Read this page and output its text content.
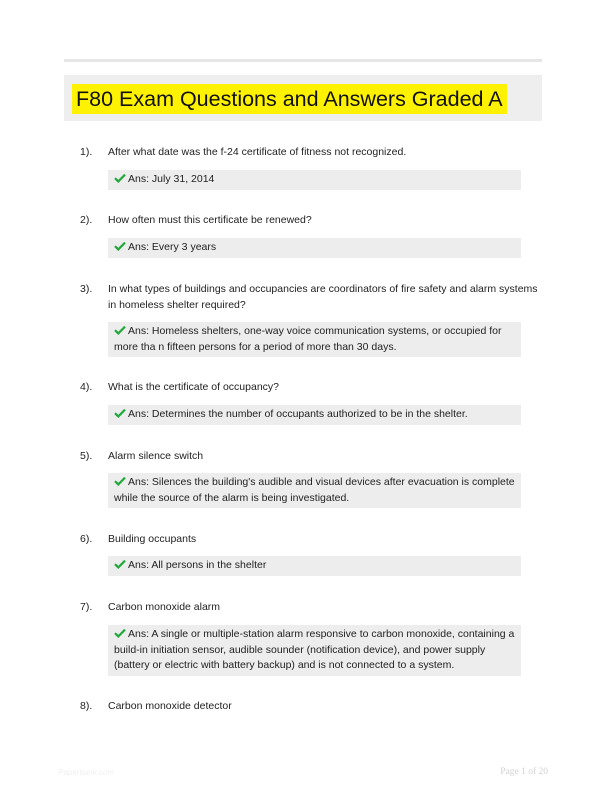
F80 Exam Questions and Answers Graded A
1). After what date was the f-24 certificate of fitness not recognized.
Ans: July 31, 2014
2). How often must this certificate be renewed?
Ans: Every 3 years
3). In what types of buildings and occupancies are coordinators of fire safety and alarm systems in homeless shelter required?
Ans: Homeless shelters, one-way voice communication systems, or occupied for more tha n fifteen persons for a period of more than 30 days.
4). What is the certificate of occupancy?
Ans: Determines the number of occupants authorized to be in the shelter.
5). Alarm silence switch
Ans: Silences the building's audible and visual devices after evacuation is complete while the source of the alarm is being investigated.
6). Building occupants
Ans: All persons in the shelter
7). Carbon monoxide alarm
Ans: A single or multiple-station alarm responsive to carbon monoxide, containing a build-in initiation sensor, audible sounder (notification device), and power supply (battery or electric with battery backup) and is not connected to a system.
8). Carbon monoxide detector
Paperbank.com	Page 1 of 20
